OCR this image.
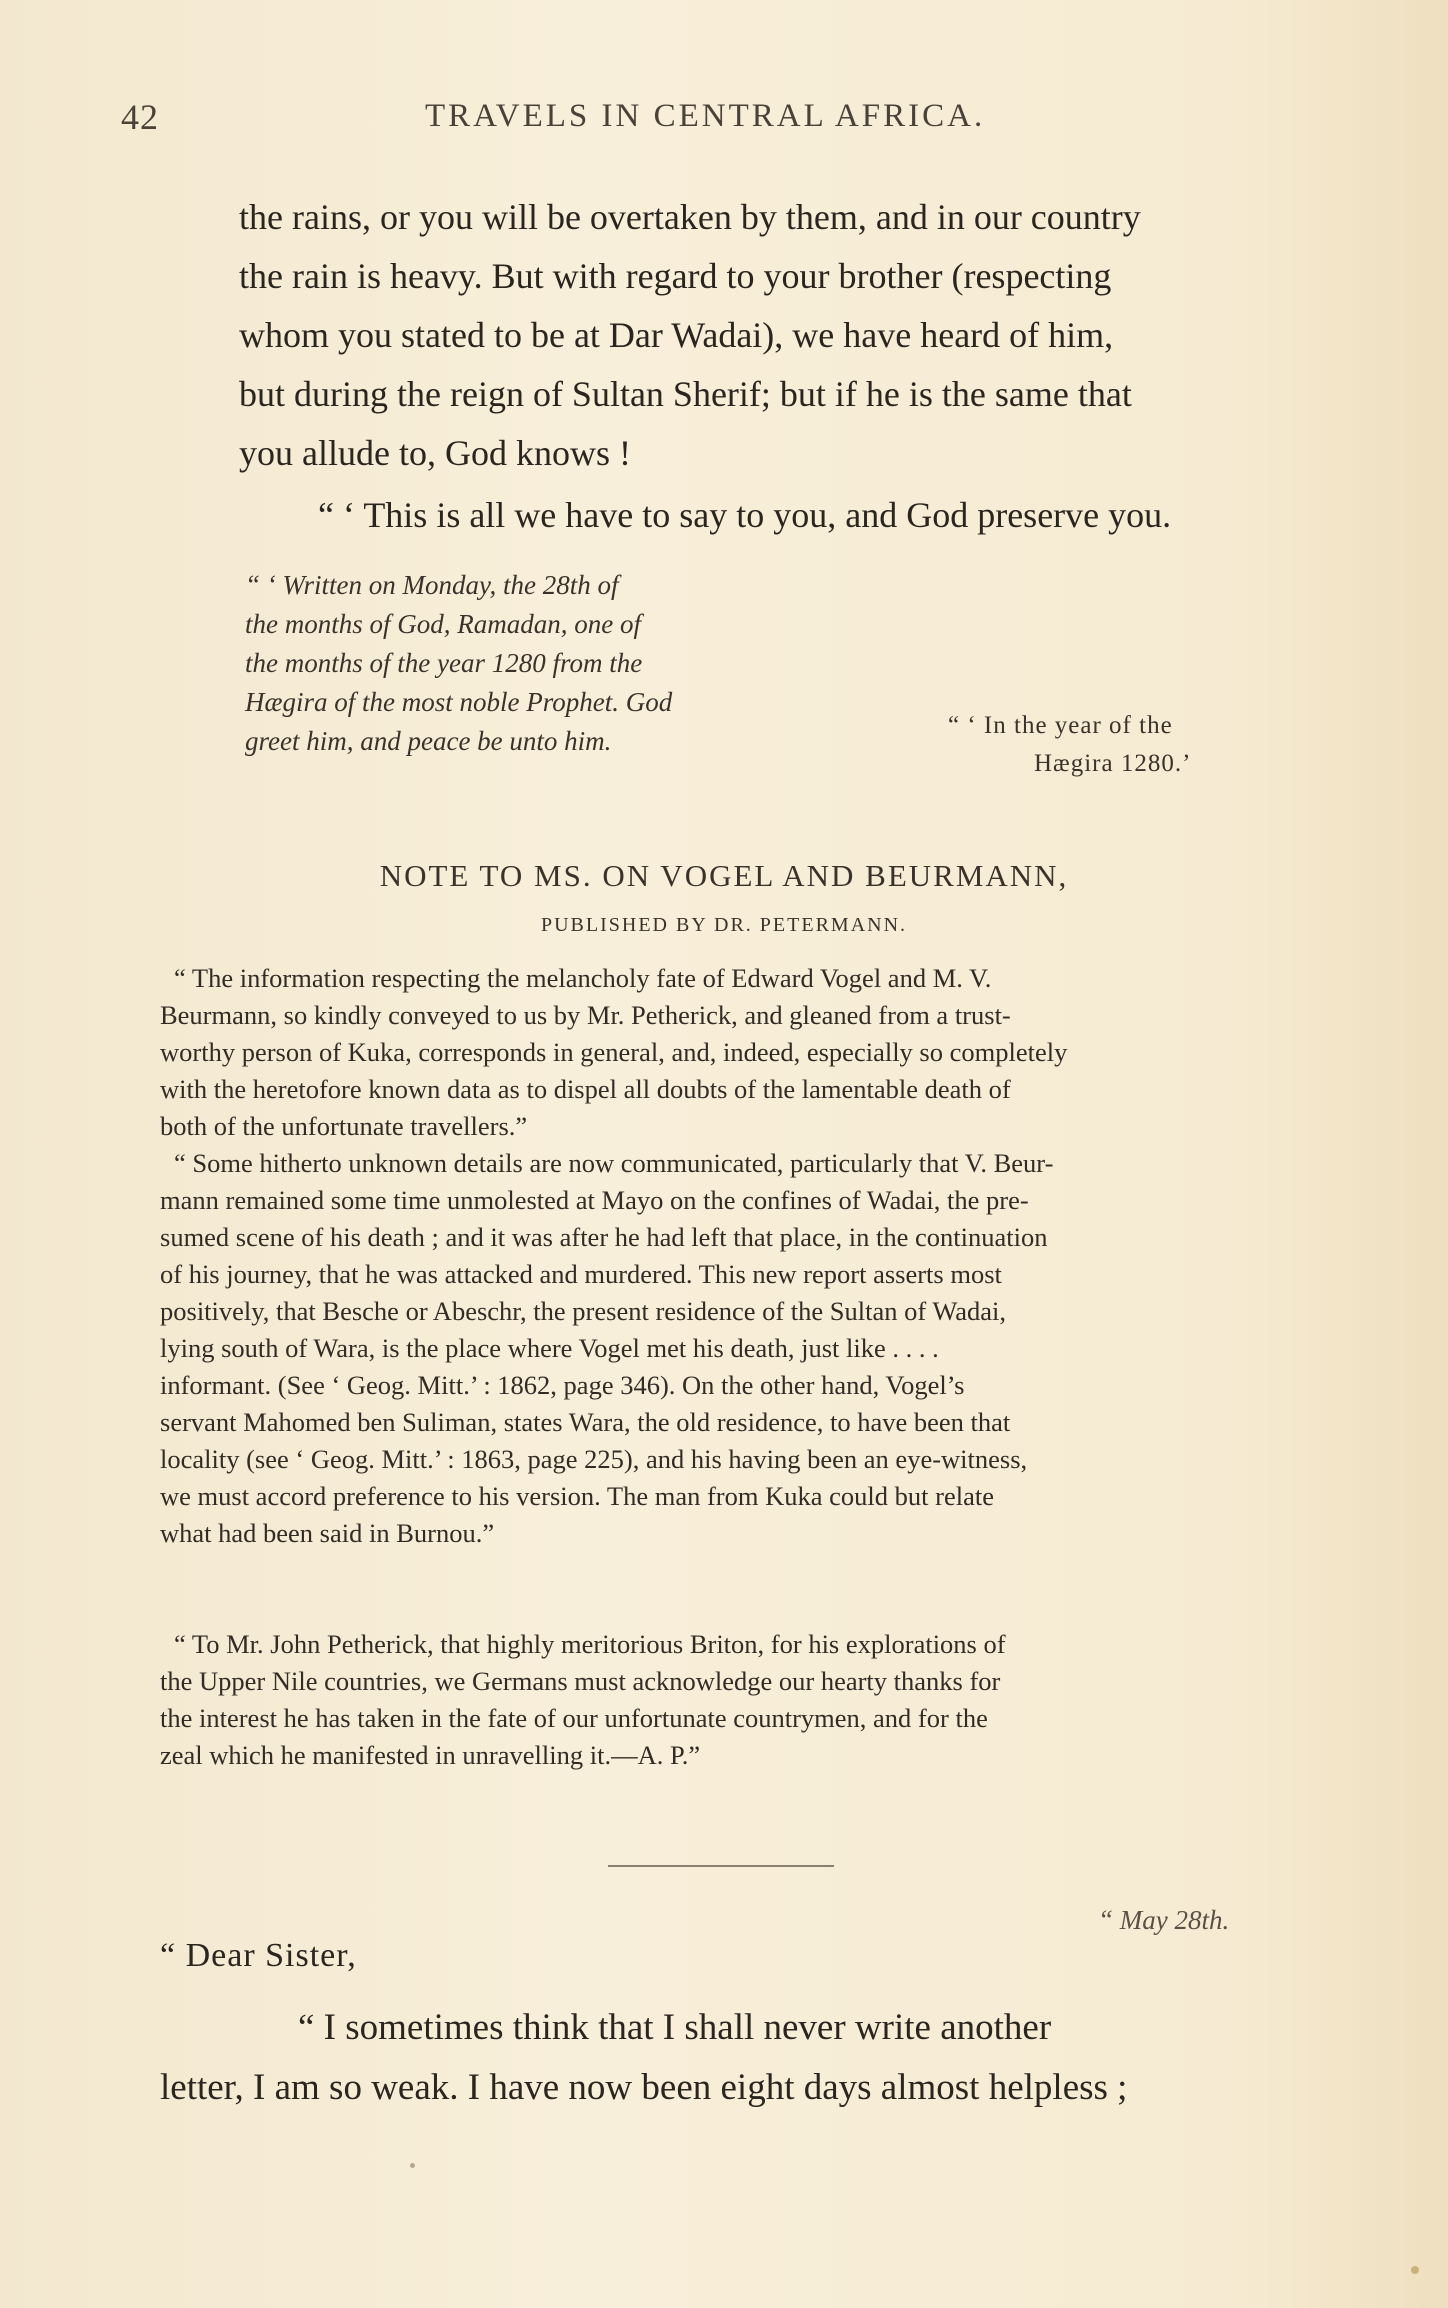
42	TRAVELS IN CENTRAL AFRICA.
the rains, or you will be overtaken by them, and in our country
the rain is heavy. But with regard to your brother (respecting
whom you stated to be at Dar Wadai), we have heard of him,
but during the reign of Sultan Sherif; but if he is the same that
you allude to, God knows !
“ ‘ This is all we have to say to you, and God preserve you.
“ ‘ Written on Monday, the 28th of
the months of God, Ramadan, one of
the months of the year 1280 from the
Hægira of the most noble Prophet. God
greet him, and peace be unto him.
“ ‘ In the year of the
Hægira 1280.’
NOTE TO MS. ON VOGEL AND BEURMANN,
PUBLISHED BY DR. PETERMANN.
“ The information respecting the melancholy fate of Edward Vogel and M. V.
Beurmann, so kindly conveyed to us by Mr. Petherick, and gleaned from a trust-
worthy person of Kuka, corresponds in general, and, indeed, especially so completely
with the heretofore known data as to dispel all doubts of the lamentable death of
both of the unfortunate travellers.”
“ Some hitherto unknown details are now communicated, particularly that V. Beur-
mann remained some time unmolested at Mayo on the confines of Wadai, the pre-
sumed scene of his death ; and it was after he had left that place, in the continuation
of his journey, that he was attacked and murdered. This new report asserts most
positively, that Besche or Abeschr, the present residence of the Sultan of Wadai,
lying south of Wara, is the place where Vogel met his death, just like . . . .
informant. (See ‘ Geog. Mitt.’ : 1862, page 346). On the other hand, Vogel’s
servant Mahomed ben Suliman, states Wara, the old residence, to have been that
locality (see ‘ Geog. Mitt.’ : 1863, page 225), and his having been an eye-witness,
we must accord preference to his version. The man from Kuka could but relate
what had been said in Burnou.”
“ To Mr. John Petherick, that highly meritorious Briton, for his explorations of
the Upper Nile countries, we Germans must acknowledge our hearty thanks for
the interest he has taken in the fate of our unfortunate countrymen, and for the
zeal which he manifested in unravelling it.—A. P.”
“ May 28th.
“ Dear Sister,
“ I sometimes think that I shall never write another
letter, I am so weak. I have now been eight days almost helpless ;
